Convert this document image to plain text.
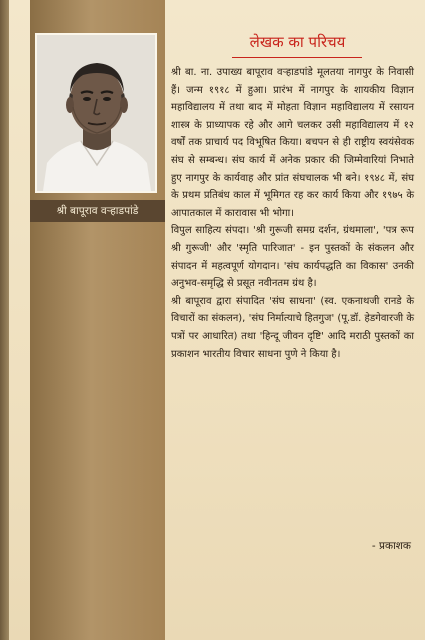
श्री बापूराव वर्‍हाडपांडे
लेखक का परिचय

श्री बा. ना. उपाख्य बापूराव वर्‍हाडपांडे मूलतया नागपुर के निवासी हैं। जन्म १९१८ में हुआ। प्रारंभ में नागपुर के शायकीय विज्ञान महाविद्यालय में तथा बाद में मोहता विज्ञान महाविद्यालय में रसायन शास्त्र के प्राध्यापक रहे और आगे चलकर उसी महाविद्यालय में १२ वर्षों तक प्राचार्य पद विभूषित किया। बचपन से ही राष्ट्रीय स्वयंसेवक संघ से सम्बन्ध। संघ कार्य में अनेक प्रकार की जिम्मेवारियां निभाते हुए नागपुर के कार्यवाह और प्रांत संघचालक भी बने। १९४८ में, संघ के प्रथम प्रतिबंध काल में भूमिगत रह कर कार्य किया और १९७५ के आपातकाल में कारावास भी भोगा।

विपुल साहित्य संपदा। 'श्री गुरूजी समग्र दर्शन, ग्रंथमाला', 'पत्र रूप श्री गुरूजी' और 'स्मृति पारिजात' - इन पुस्तकों के संकलन और संपादन में महत्वपूर्ण योगदान। 'संघ कार्यपद्धति का विकास' उनकी अनुभव-समृद्धि से प्रसूत नवीनतम ग्रंथ है।

श्री बापूराव द्वारा संपादित 'संघ साधना' (स्व. एकनाथजी रानडे के विचारों का संकलन), 'संघ निर्मात्याचे हितगुज' (पू.डॉ. हेडगेवारजी के पत्रों पर आधारित) तथा 'हिन्दू जीवन दृष्टि' आदि मराठी पुस्तकों का प्रकाशन भारतीय विचार साधना पुणे ने किया है।

- प्रकाशक
